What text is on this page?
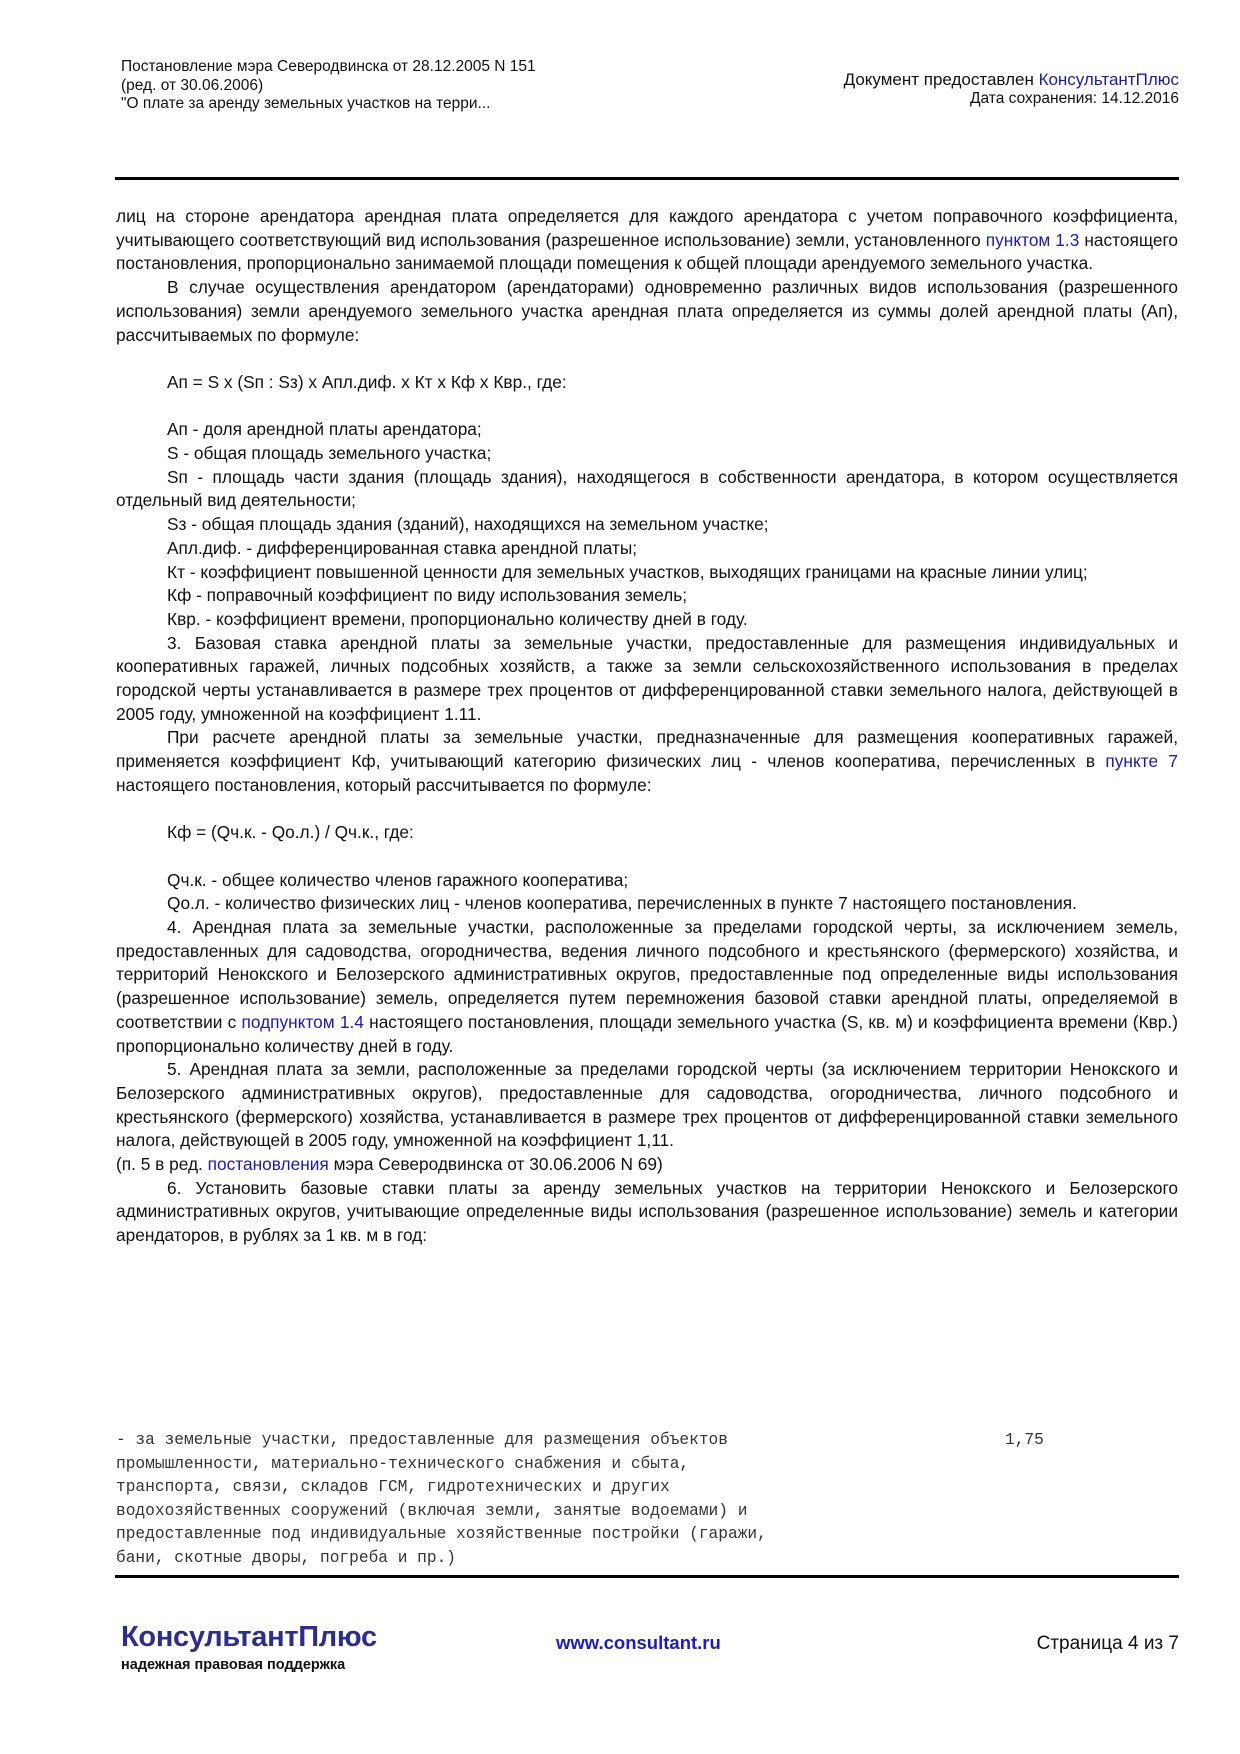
Постановление мэра Северодвинска от 28.12.2005 N 151
(ред. от 30.06.2006)
"О плате за аренду земельных участков на терри...
Документ предоставлен КонсультантПлюс
Дата сохранения: 14.12.2016

лиц на стороне арендатора арендная плата определяется для каждого арендатора с учетом поправочного коэффициента, учитывающего соответствующий вид использования (разрешенное использование) земли, установленного пунктом 1.3 настоящего постановления, пропорционально занимаемой площади помещения к общей площади арендуемого земельного участка.

В случае осуществления арендатором (арендаторами) одновременно различных видов использования (разрешенного использования) земли арендуемого земельного участка арендная плата определяется из суммы долей арендной платы (Ап), рассчитываемых по формуле:

Ап = S x (Sп : Sз) x Апл.диф. x Кт x Кф x Квр., где:

Ап - доля арендной платы арендатора;

S - общая площадь земельного участка;

Sп - площадь части здания (площадь здания), находящегося в собственности арендатора, в котором осуществляется отдельный вид деятельности;

Sз - общая площадь здания (зданий), находящихся на земельном участке;

Апл.диф. - дифференцированная ставка арендной платы;

Кт - коэффициент повышенной ценности для земельных участков, выходящих границами на красные линии улиц;

Кф - поправочный коэффициент по виду использования земель;

Квр. - коэффициент времени, пропорционально количеству дней в году.

3. Базовая ставка арендной платы за земельные участки, предоставленные для размещения индивидуальных и кооперативных гаражей, личных подсобных хозяйств, а также за земли сельскохозяйственного использования в пределах городской черты устанавливается в размере трех процентов от дифференцированной ставки земельного налога, действующей в 2005 году, умноженной на коэффициент 1.11.

При расчете арендной платы за земельные участки, предназначенные для размещения кооперативных гаражей, применяется коэффициент Кф, учитывающий категорию физических лиц - членов кооператива, перечисленных в пункте 7 настоящего постановления, который рассчитывается по формуле:

Кф = (Qч.к. - Qо.л.) / Qч.к., где:

Qч.к. - общее количество членов гаражного кооператива;

Qо.л. - количество физических лиц - членов кооператива, перечисленных в пункте 7 настоящего постановления.

4. Арендная плата за земельные участки, расположенные за пределами городской черты, за исключением земель, предоставленных для садоводства, огородничества, ведения личного подсобного и крестьянского (фермерского) хозяйства, и территорий Ненокского и Белозерского административных округов, предоставленные под определенные виды использования (разрешенное использование) земель, определяется путем перемножения базовой ставки арендной платы, определяемой в соответствии с подпунктом 1.4 настоящего постановления, площади земельного участка (S, кв. м) и коэффициента времени (Квр.) пропорционально количеству дней в году.

5. Арендная плата за земли, расположенные за пределами городской черты (за исключением территории Ненокского и Белозерского административных округов), предоставленные для садоводства, огородничества, личного подсобного и крестьянского (фермерского) хозяйства, устанавливается в размере трех процентов от дифференцированной ставки земельного налога, действующей в 2005 году, умноженной на коэффициент 1,11.

(п. 5 в ред. постановления мэра Северодвинска от 30.06.2006 N 69)

6. Установить базовые ставки платы за аренду земельных участков на территории Ненокского и Белозерского административных округов, учитывающие определенные виды использования (разрешенное использование) земель и категории арендаторов, в рублях за 1 кв. м в год:

- за земельные участки, предоставленные для размещения объектов
промышленности, материально-технического снабжения и сбыта,
транспорта, связи, складов ГСМ, гидротехнических и других
водохозяйственных сооружений (включая земли, занятые водоемами) и
предоставленные под индивидуальные хозяйственные постройки (гаражи,
бани, скотные дворы, погреба и пр.)
1,75
КонсультантПлюс
надежная правовая поддержка
www.consultant.ru	Страница 4 из 7
